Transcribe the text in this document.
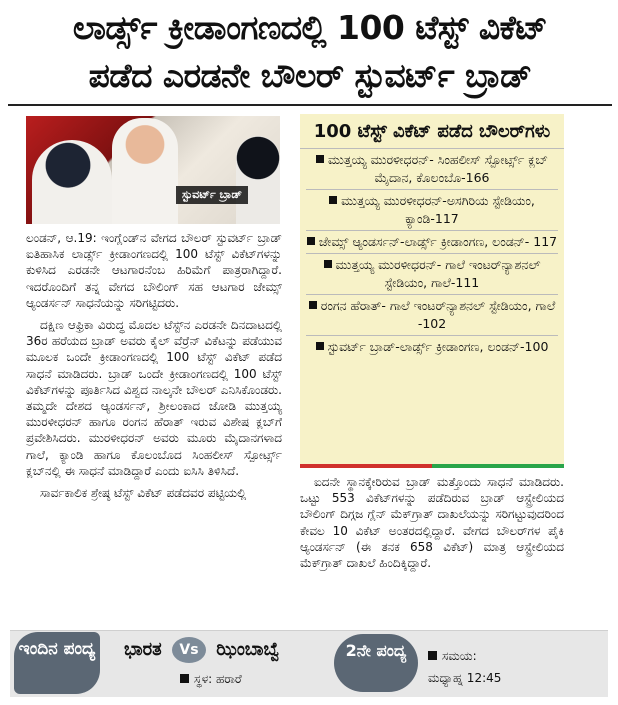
ಲಾರ್ಡ್ಸ್ ಕ್ರೀಡಾಂಗಣದಲ್ಲಿ 100 ಟೆಸ್ಟ್ ವಿಕೆಟ್
ಪಡೆದ ಎರಡನೇ ಬೌಲರ್ ಸ್ಟುವರ್ಟ್ ಬ್ರಾಡ್
ಸ್ಟುವರ್ಟ್ ಬ್ರಾಡ್

ಲಂಡನ್, ಆ.19: ಇಂಗ್ಲೆಂಡ್‌ನ ವೇಗದ ಬೌಲರ್ ಸ್ಟುವರ್ಟ್ ಬ್ರಾಡ್ ಐತಿಹಾಸಿಕ ಲಾರ್ಡ್ಸ್ ಕ್ರೀಡಾಂಗಣದಲ್ಲಿ 100 ಟೆಸ್ಟ್ ವಿಕೆಟ್‌ಗಳನ್ನು ಕುಳಿಸಿದ ಎರಡನೇ ಆಟಗಾರನೆಂಬ ಹಿರಿಮೆಗೆ ಪಾತ್ರರಾಗಿದ್ದಾರೆ. ಇದರೊಂದಿಗೆ ತನ್ನ ವೇಗದ ಬೌಲಿಂಗ್ ಸಹ ಆಟಗಾರ ಜೇಮ್ಸ್ ಆ್ಯಂಡರ್ಸನ್ ಸಾಧನೆಯನ್ನು ಸರಿಗಟ್ಟಿದರು.

ದಕ್ಷಿಣ ಆಫ್ರಿಕಾ ವಿರುದ್ಧ ಮೊದಲ ಟೆಸ್ಟ್‌ನ ಎರಡನೇ ದಿನದಾಟದಲ್ಲಿ 36ರ ಹರೆಯದ ಬ್ರಾಡ್ ಅವರು ಕೈಲ್ ವೆರ್ರೆನ್ ವಿಕೆಟನ್ನು ಪಡೆಯುವ ಮೂಲಕ ಒಂದೇ ಕ್ರೀಡಾಂಗಣದಲ್ಲಿ 100 ಟೆಸ್ಟ್ ವಿಕೆಟ್ ಪಡೆದ ಸಾಧನೆ ಮಾಡಿದರು. ಬ್ರಾಡ್ ಒಂದೇ ಕ್ರೀಡಾಂಗಣದಲ್ಲಿ 100 ಟೆಸ್ಟ್ ವಿಕೆಟ್‌ಗಳನ್ನು ಪೂರ್ತಿಸಿದ ವಿಶ್ವದ ನಾಲ್ಕನೇ ಬೌಲರ್ ಎನಿಸಿಕೊಂಡರು. ತಮ್ಮದೇ ದೇಶದ ಆ್ಯಂಡರ್ಸನ್, ಶ್ರೀಲಂಕಾದ ಜೋಡಿ ಮುತ್ತಯ್ಯ ಮುರಳೀಧರನ್ ಹಾಗೂ ರಂಗನ ಹೆರಾತ್ ಇರುವ ವಿಶೇಷ ಕ್ಲಬ್‌ಗೆ ಪ್ರವೇಶಿಸಿದರು. ಮುರಳೀಧರನ್ ಅವರು ಮೂರು ಮೈದಾನಗಳಾದ ಗಾಲೆ, ಕ್ಯಾಂಡಿ ಹಾಗೂ ಕೊಲಂಬೊದ ಸಿಂಹಲೀಸ್ ಸ್ಪೋರ್ಟ್ಸ್ ಕ್ಲಬ್‌ನಲ್ಲಿ ಈ ಸಾಧನೆ ಮಾಡಿದ್ದಾರೆ ಎಂದು ಐಸಿಸಿ ತಿಳಿಸಿದೆ.

ಸಾರ್ವಕಾಲಿಕ ಶ್ರೇಷ್ಠ ಟೆಸ್ಟ್ ವಿಕೆಟ್ ಪಡೆದವರ ಪಟ್ಟಿಯಲ್ಲಿ

100 ಟೆಸ್ಟ್ ವಿಕೆಟ್ ಪಡೆದ ಬೌಲರ್‌ಗಳು
ಮುತ್ತಯ್ಯ ಮುರಳೀಧರನ್- ಸಿಂಹಲೀಸ್ ಸ್ಪೋರ್ಟ್ಸ್ ಕ್ಲಬ್ ಮೈದಾನ, ಕೊಲಂಬೊ-166
ಮುತ್ತಯ್ಯ ಮುರಳೀಧರನ್-ಅಸಗಿರಿಯ ಸ್ಟೇಡಿಯಂ, ಕ್ಯಾಂಡಿ-117
ಜೇಮ್ಸ್ ಆ್ಯಂಡರ್ಸನ್-ಲಾರ್ಡ್ಸ್ ಕ್ರೀಡಾಂಗಣ, ಲಂಡನ್- 117
ಮುತ್ತಯ್ಯ ಮುರಳೀಧರನ್- ಗಾಲೆ ಇಂಟರ್‌ನ್ಯಾಶನಲ್ ಸ್ಟೇಡಿಯಂ, ಗಾಲೆ-111
ರಂಗನ ಹೆರಾತ್- ಗಾಲೆ ಇಂಟರ್‌ನ್ಯಾಶನಲ್ ಸ್ಟೇಡಿಯಂ, ಗಾಲೆ -102
ಸ್ಟುವರ್ಟ್ ಬ್ರಾಡ್-ಲಾರ್ಡ್ಸ್ ಕ್ರೀಡಾಂಗಣ, ಲಂಡನ್-100

ಐದನೇ ಸ್ಥಾನಕ್ಕೇರಿರುವ ಬ್ರಾಡ್ ಮತ್ತೊಂದು ಸಾಧನೆ ಮಾಡಿದರು. ಒಟ್ಟು 553 ವಿಕೆಟ್‌ಗಳನ್ನು ಪಡೆದಿರುವ ಬ್ರಾಡ್ ಆಸ್ಟ್ರೇಲಿಯದ ಬೌಲಿಂಗ್ ದಿಗ್ಗಜ ಗ್ಲೆನ್ ಮೆಕ್‌ಗ್ರಾತ್ ದಾಖಲೆಯನ್ನು ಸರಿಗಟ್ಟುವುದರಿಂದ ಕೇವಲ 10 ವಿಕೆಟ್ ಅಂತರದಲ್ಲಿದ್ದಾರೆ. ವೇಗದ ಬೌಲರ್‌ಗಳ ಪೈಕಿ ಆ್ಯಂಡರ್ಸನ್ (ಈ ತನಕ 658 ವಿಕೆಟ್) ಮಾತ್ರ ಆಸ್ಟ್ರೇಲಿಯದ ಮೆಕ್‌ಗ್ರಾತ್ ದಾಖಲೆ ಹಿಂದಿಕ್ಕಿದ್ದಾರೆ.

ಇಂದಿನ ಪಂದ್ಯ ಭಾರತ Vs ಝಿಂಬಾಬ್ವೆ
ಸ್ಥಳ: ಹರಾರೆ
2ನೇ ಪಂದ್ಯ	ಸಮಯ:
ಮಧ್ಯಾಹ್ನ 12:45
